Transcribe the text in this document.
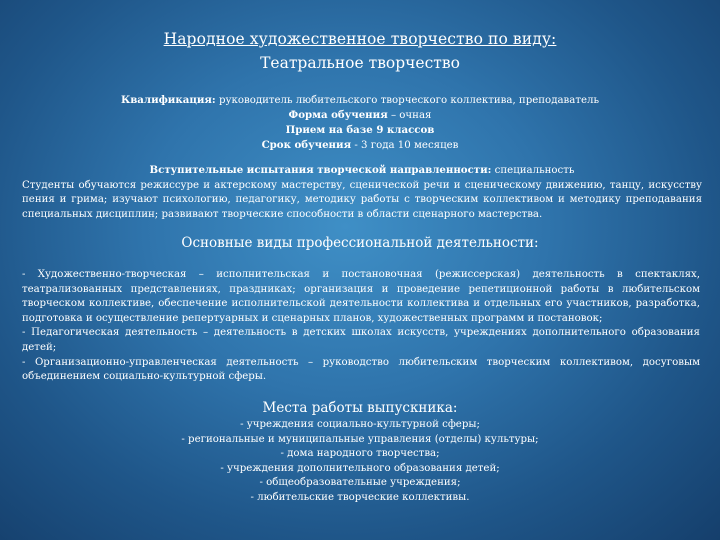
Народное художественное творчество по виду:
Театральное творчество
Квалификация: руководитель любительского творческого коллектива, преподаватель
Форма обучения – очная
Прием на базе 9 классов
Срок обучения - 3 года 10 месяцев
Вступительные испытания творческой направленности: специальность
Студенты обучаются режиссуре и актерскому мастерству, сценической речи и сценическому движению, танцу, искусству пения и грима; изучают психологию, педагогику, методику работы с творческим коллективом и методику преподавания специальных дисциплин; развивают творческие способности в области сценарного мастерства.
Основные виды профессиональной деятельности:

- Художественно-творческая – исполнительская и постановочная (режиссерская) деятельность в спектаклях, театрализованных представлениях, праздниках; организация и проведение репетиционной работы в любительском творческом коллективе, обеспечение исполнительской деятельности коллектива и отдельных его участников, разработка, подготовка и осуществление репертуарных и сценарных планов, художественных программ и постановок;

- Педагогическая деятельность – деятельность в детских школах искусств, учреждениях дополнительного образования детей;

- Организационно-управленческая деятельность – руководство любительским творческим коллективом, досуговым объединением социально-культурной сферы.

Места работы выпускника:
- учреждения социально-культурной сферы;
- региональные и муниципальные управления (отделы) культуры;
- дома народного творчества;
- учреждения дополнительного образования детей;
- общеобразовательные учреждения;
- любительские творческие коллективы.
